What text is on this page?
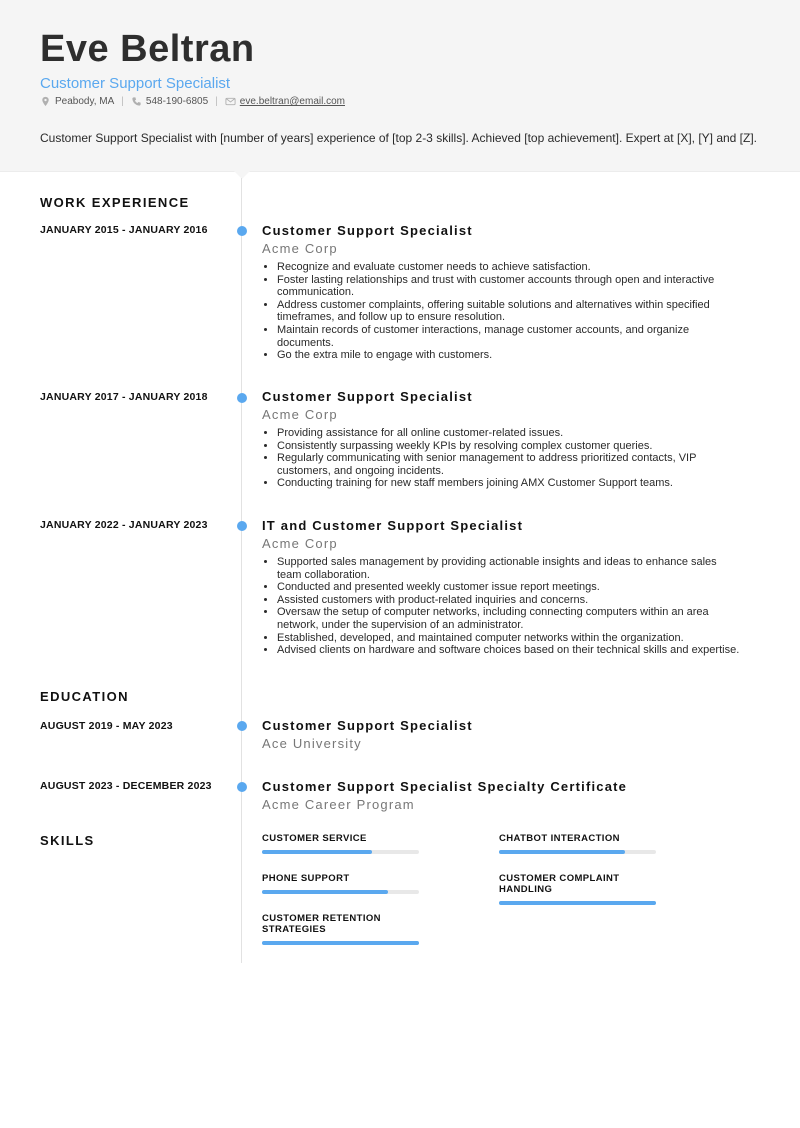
Eve Beltran

Customer Support Specialist

Peabody, MA | 548-190-6805 | eve.beltran@email.com

Customer Support Specialist with [number of years] experience of [top 2-3 skills]. Achieved [top achievement]. Expert at [X], [Y] and [Z].

WORK EXPERIENCE
JANUARY 2015 - JANUARY 2016	Customer Support Specialist

Acme Corp

• Recognize and evaluate customer needs to achieve satisfaction.
• Foster lasting relationships and trust with customer accounts through open and interactive communication.
• Address customer complaints, offering suitable solutions and alternatives within specified timeframes, and follow up to ensure resolution.
• Maintain records of customer interactions, manage customer accounts, and organize documents.
• Go the extra mile to engage with customers.
JANUARY 2017 - JANUARY 2018	Customer Support Specialist

Acme Corp

• Providing assistance for all online customer-related issues.
• Consistently surpassing weekly KPIs by resolving complex customer queries.
• Regularly communicating with senior management to address prioritized contacts, VIP customers, and ongoing incidents.
• Conducting training for new staff members joining AMX Customer Support teams.
JANUARY 2022 - JANUARY 2023	IT and Customer Support Specialist

Acme Corp

• Supported sales management by providing actionable insights and ideas to enhance sales team collaboration.
• Conducted and presented weekly customer issue report meetings.
• Assisted customers with product-related inquiries and concerns.
• Oversaw the setup of computer networks, including connecting computers within an area network, under the supervision of an administrator.
• Established, developed, and maintained computer networks within the organization.
• Advised clients on hardware and software choices based on their technical skills and expertise.
EDUCATION
AUGUST 2019 - MAY 2023	Customer Support Specialist

Ace University

AUGUST 2023 - DECEMBER 2023	Customer Support Specialist Specialty Certificate

Acme Career Program

SKILLS	CUSTOMER SERVICE	CHATBOT INTERACTION
PHONE SUPPORT	CUSTOMER COMPLAINT HANDLING
CUSTOMER RETENTION STRATEGIES
